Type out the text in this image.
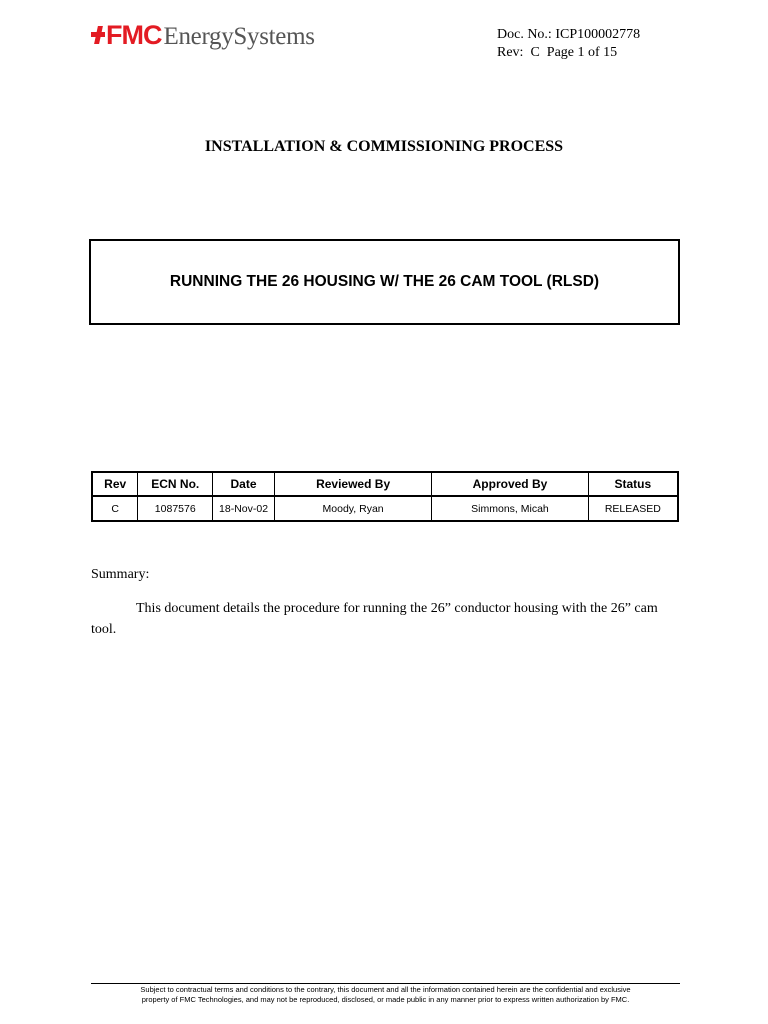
FMC EnergySystems	Doc. No.: ICP100002778
Rev:  C  Page 1 of 15
INSTALLATION & COMMISSIONING PROCESS
RUNNING THE 26 HOUSING W/ THE 26 CAM TOOL (RLSD)
Rev	ECN No.	Date	Reviewed By	Approved By	Status
C	1087576	18-Nov-02	Moody, Ryan	Simmons, Micah	RELEASED
Summary:
This document details the procedure for running the 26” conductor housing with the 26” cam tool.
Subject to contractual terms and conditions to the contrary, this document and all the information contained herein are the confidential and exclusive
property of FMC Technologies, and may not be reproduced, disclosed, or made public in any manner prior to express written authorization by FMC.
